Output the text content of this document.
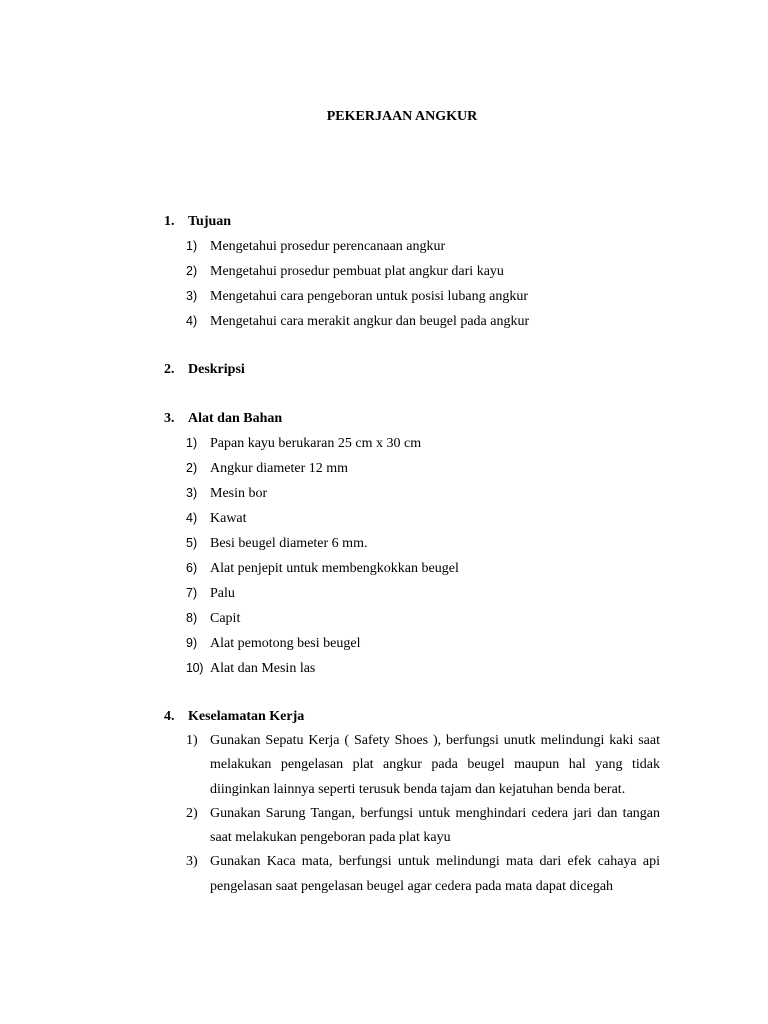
PEKERJAAN ANGKUR
1. Tujuan
1) Mengetahui prosedur perencanaan angkur
2) Mengetahui prosedur pembuat plat angkur dari kayu
3) Mengetahui cara pengeboran untuk posisi lubang angkur
4) Mengetahui cara merakit angkur dan beugel pada angkur
2. Deskripsi
3. Alat dan Bahan
1) Papan kayu berukaran 25 cm x 30 cm
2) Angkur diameter 12 mm
3) Mesin bor
4) Kawat
5) Besi beugel diameter 6 mm.
6) Alat penjepit untuk membengkokkan beugel
7) Palu
8) Capit
9) Alat pemotong besi beugel
10) Alat dan Mesin las
4. Keselamatan Kerja
1) Gunakan Sepatu Kerja ( Safety Shoes ), berfungsi unutk melindungi kaki saat melakukan pengelasan plat angkur pada beugel maupun hal yang tidak diinginkan lainnya seperti terusuk benda tajam dan kejatuhan benda berat.
2) Gunakan Sarung Tangan, berfungsi untuk menghindari cedera jari dan tangan saat melakukan pengeboran pada plat kayu
3) Gunakan Kaca mata, berfungsi untuk melindungi mata dari efek cahaya api pengelasan saat pengelasan beugel agar cedera pada mata dapat dicegah
